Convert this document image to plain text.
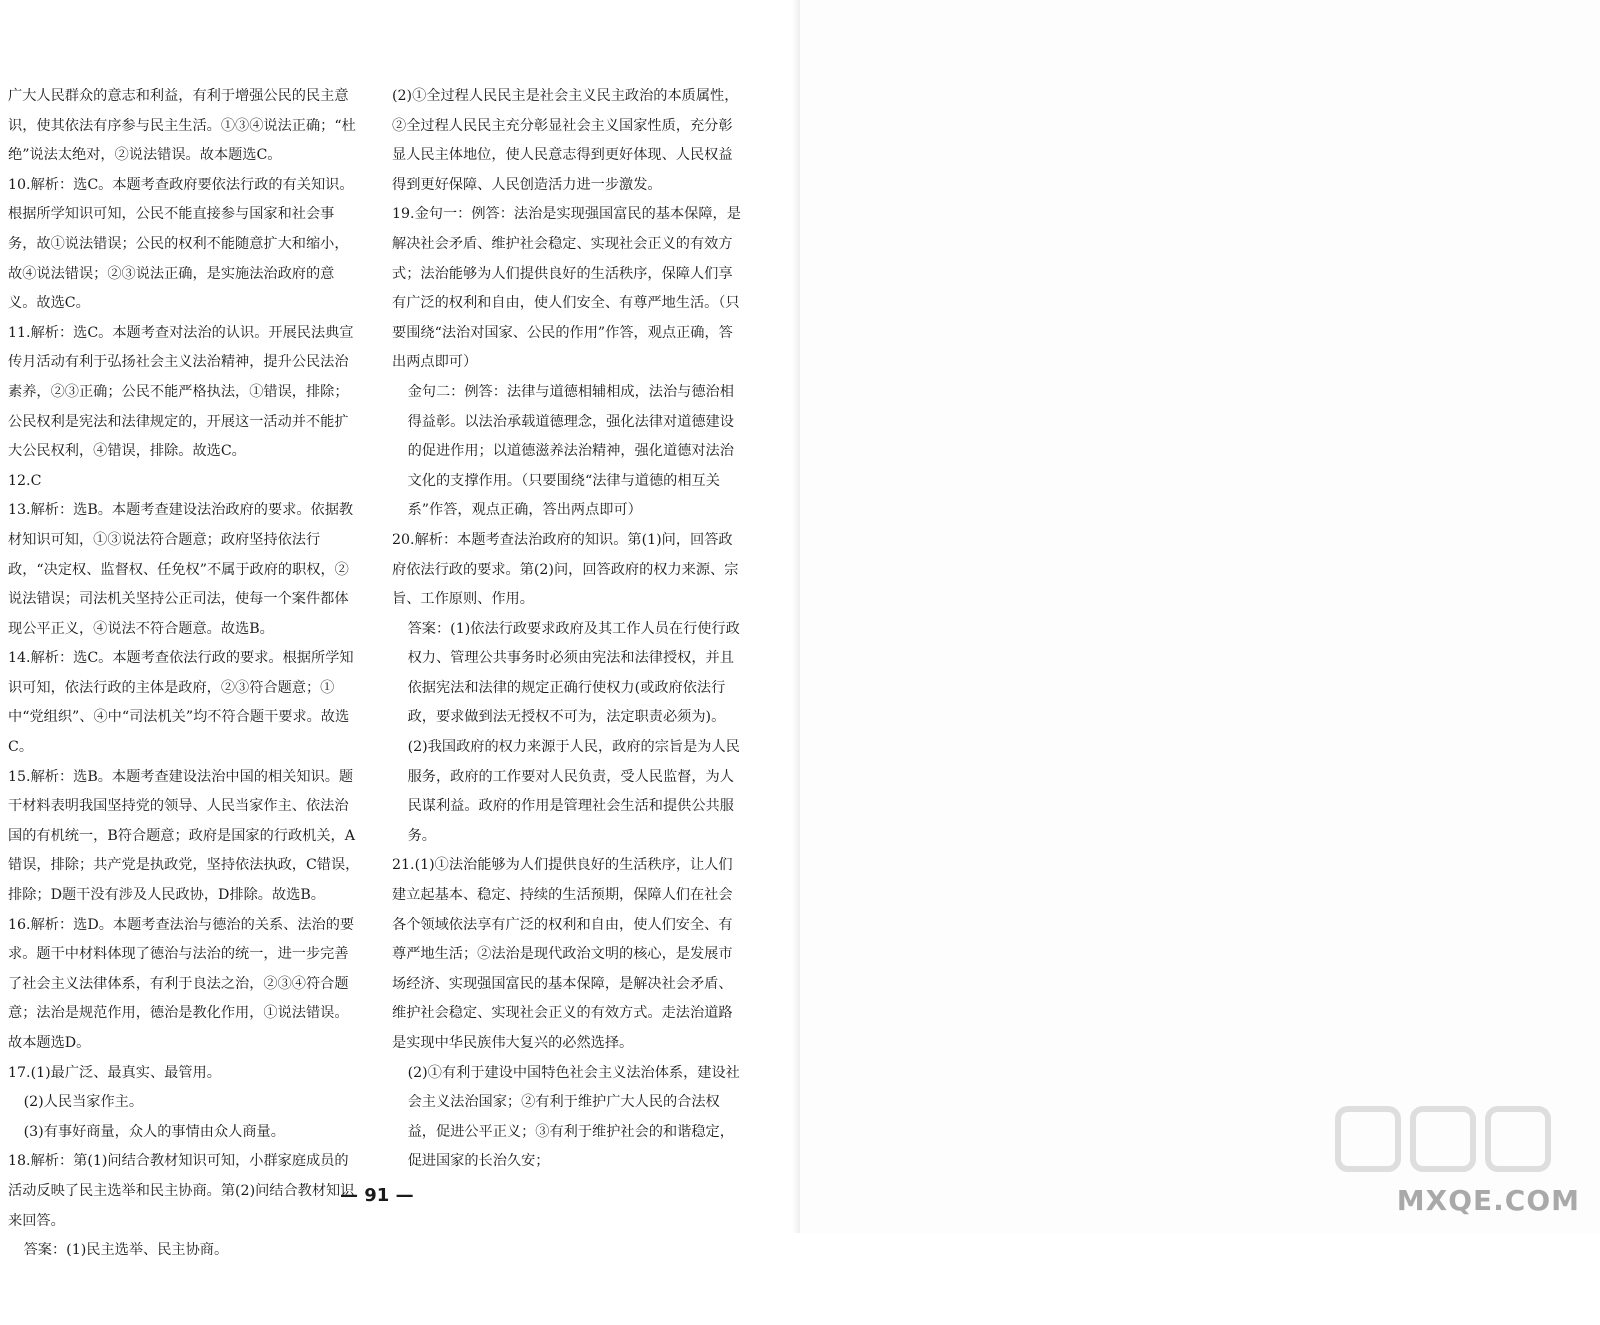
广大人民群众的意志和利益，有利于增强公民的民主意识，使其依法有序参与民主生活。①③④说法正确；“杜绝”说法太绝对，②说法错误。故本题选C。

10.解析：选C。本题考查政府要依法行政的有关知识。根据所学知识可知，公民不能直接参与国家和社会事务，故①说法错误；公民的权利不能随意扩大和缩小，故④说法错误；②③说法正确，是实施法治政府的意义。故选C。

11.解析：选C。本题考查对法治的认识。开展民法典宣传月活动有利于弘扬社会主义法治精神，提升公民法治素养，②③正确；公民不能严格执法，①错误，排除；公民权利是宪法和法律规定的，开展这一活动并不能扩大公民权利，④错误，排除。故选C。

12.C

13.解析：选B。本题考查建设法治政府的要求。依据教材知识可知，①③说法符合题意；政府坚持依法行政，“决定权、监督权、任免权”不属于政府的职权，②说法错误；司法机关坚持公正司法，使每一个案件都体现公平正义，④说法不符合题意。故选B。

14.解析：选C。本题考查依法行政的要求。根据所学知识可知，依法行政的主体是政府，②③符合题意；①中“党组织”、④中“司法机关”均不符合题干要求。故选C。

15.解析：选B。本题考查建设法治中国的相关知识。题干材料表明我国坚持党的领导、人民当家作主、依法治国的有机统一，B符合题意；政府是国家的行政机关，A错误，排除；共产党是执政党，坚持依法执政，C错误，排除；D题干没有涉及人民政协，D排除。故选B。

16.解析：选D。本题考查法治与德治的关系、法治的要求。题干中材料体现了德治与法治的统一，进一步完善了社会主义法律体系，有利于良法之治，②③④符合题意；法治是规范作用，德治是教化作用，①说法错误。故本题选D。

17.(1)最广泛、最真实、最管用。

(2)人民当家作主。

(3)有事好商量，众人的事情由众人商量。

18.解析：第(1)问结合教材知识可知，小群家庭成员的活动反映了民主选举和民主协商。第(2)问结合教材知识来回答。

答案：(1)民主选举、民主协商。

(2)①全过程人民民主是社会主义民主政治的本质属性，②全过程人民民主充分彰显社会主义国家性质，充分彰显人民主体地位，使人民意志得到更好体现、人民权益得到更好保障、人民创造活力进一步激发。

19.金句一：例答：法治是实现强国富民的基本保障，是解决社会矛盾、维护社会稳定、实现社会正义的有效方式；法治能够为人们提供良好的生活秩序，保障人们享有广泛的权利和自由，使人们安全、有尊严地生活。（只要围绕“法治对国家、公民的作用”作答，观点正确，答出两点即可）

金句二：例答：法律与道德相辅相成，法治与德治相得益彰。以法治承载道德理念，强化法律对道德建设的促进作用；以道德滋养法治精神，强化道德对法治文化的支撑作用。（只要围绕“法律与道德的相互关系”作答，观点正确，答出两点即可）

20.解析：本题考查法治政府的知识。第(1)问，回答政府依法行政的要求。第(2)问，回答政府的权力来源、宗旨、工作原则、作用。

答案：(1)依法行政要求政府及其工作人员在行使行政权力、管理公共事务时必须由宪法和法律授权，并且依据宪法和法律的规定正确行使权力(或政府依法行政，要求做到法无授权不可为，法定职责必须为)。

(2)我国政府的权力来源于人民，政府的宗旨是为人民服务，政府的工作要对人民负责，受人民监督，为人民谋利益。政府的作用是管理社会生活和提供公共服务。

21.(1)①法治能够为人们提供良好的生活秩序，让人们建立起基本、稳定、持续的生活预期，保障人们在社会各个领域依法享有广泛的权利和自由，使人们安全、有尊严地生活；②法治是现代政治文明的核心，是发展市场经济、实现强国富民的基本保障，是解决社会矛盾、维护社会稳定、实现社会正义的有效方式。走法治道路是实现中华民族伟大复兴的必然选择。

(2)①有利于建设中国特色社会主义法治体系，建设社会主义法治国家；②有利于维护广大人民的合法权益，促进公平正义；③有利于维护社会的和谐稳定，促进国家的长治久安；

— 91 —	MXQE.COM
